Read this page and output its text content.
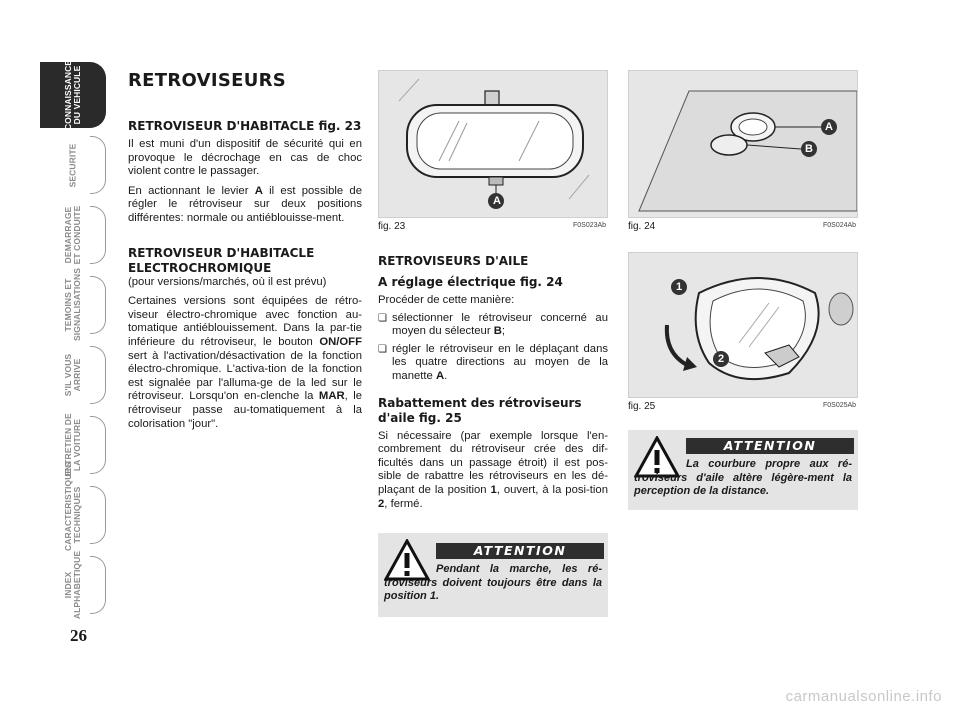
CONNAISSANCE
DU VEHICULE
SECURITE
DEMARRAGE
ET CONDUITE
TEMOINS ET
SIGNALISATIONS
S'IL VOUS
ARRIVE
ENTRETIEN DE
LA VOITURE
CARACTERISTIQUES
TECHNIQUES
INDEX
ALPHABETIQUE
26
RETROVISEURS
RETROVISEUR D'HABITACLE fig. 23
Il est muni d'un dispositif de sécurité qui en provoque le décrochage en cas de choc violent contre le passager.
En actionnant le levier A il est possible de régler le rétroviseur sur deux positions différentes: normale ou antiéblouisse-ment.
RETROVISEUR D'HABITACLE ELECTROCHROMIQUE
(pour versions/marchés, où il est prévu)
Certaines versions sont équipées de rétro-viseur électro-chromique avec fonction au-tomatique antiéblouissement. Dans la par-tie inférieure du rétroviseur, le bouton ON/OFF sert à l'activation/désactivation de la fonction électro-chromique. L'activa-tion de la fonction est signalée par l'alluma-ge de la led sur le rétroviseur. Lorsqu'on en-clenche la MAR, le rétroviseur passe au-tomatiquement à la colorisation "jour".
A
fig. 23	F0S023Ab
A
B
fig. 24	F0S024Ab
1
2
fig. 25	F0S025Ab
RETROVISEURS D'AILE
A réglage électrique fig. 24
Procéder de cette manière:
❏ sélectionner le rétroviseur concerné au moyen du sélecteur B;
❏ régler le rétroviseur en le déplaçant dans les quatre directions au moyen de la manette A.
Rabattement des rétroviseurs d'aile fig. 25
Si nécessaire (par exemple lorsque l'en-combrement du rétroviseur crée des dif-ficultés dans un passage étroit) il est pos-sible de rabattre les rétroviseurs en les dé-plaçant de la position 1, ouvert, à la posi-tion 2, fermé.
ATTENTION
Pendant la marche, les ré-troviseurs doivent toujours être dans la position 1.
ATTENTION
La courbure propre aux ré-troviseurs d'aile altère légère-ment la perception de la distance.
carmanualsonline.info
